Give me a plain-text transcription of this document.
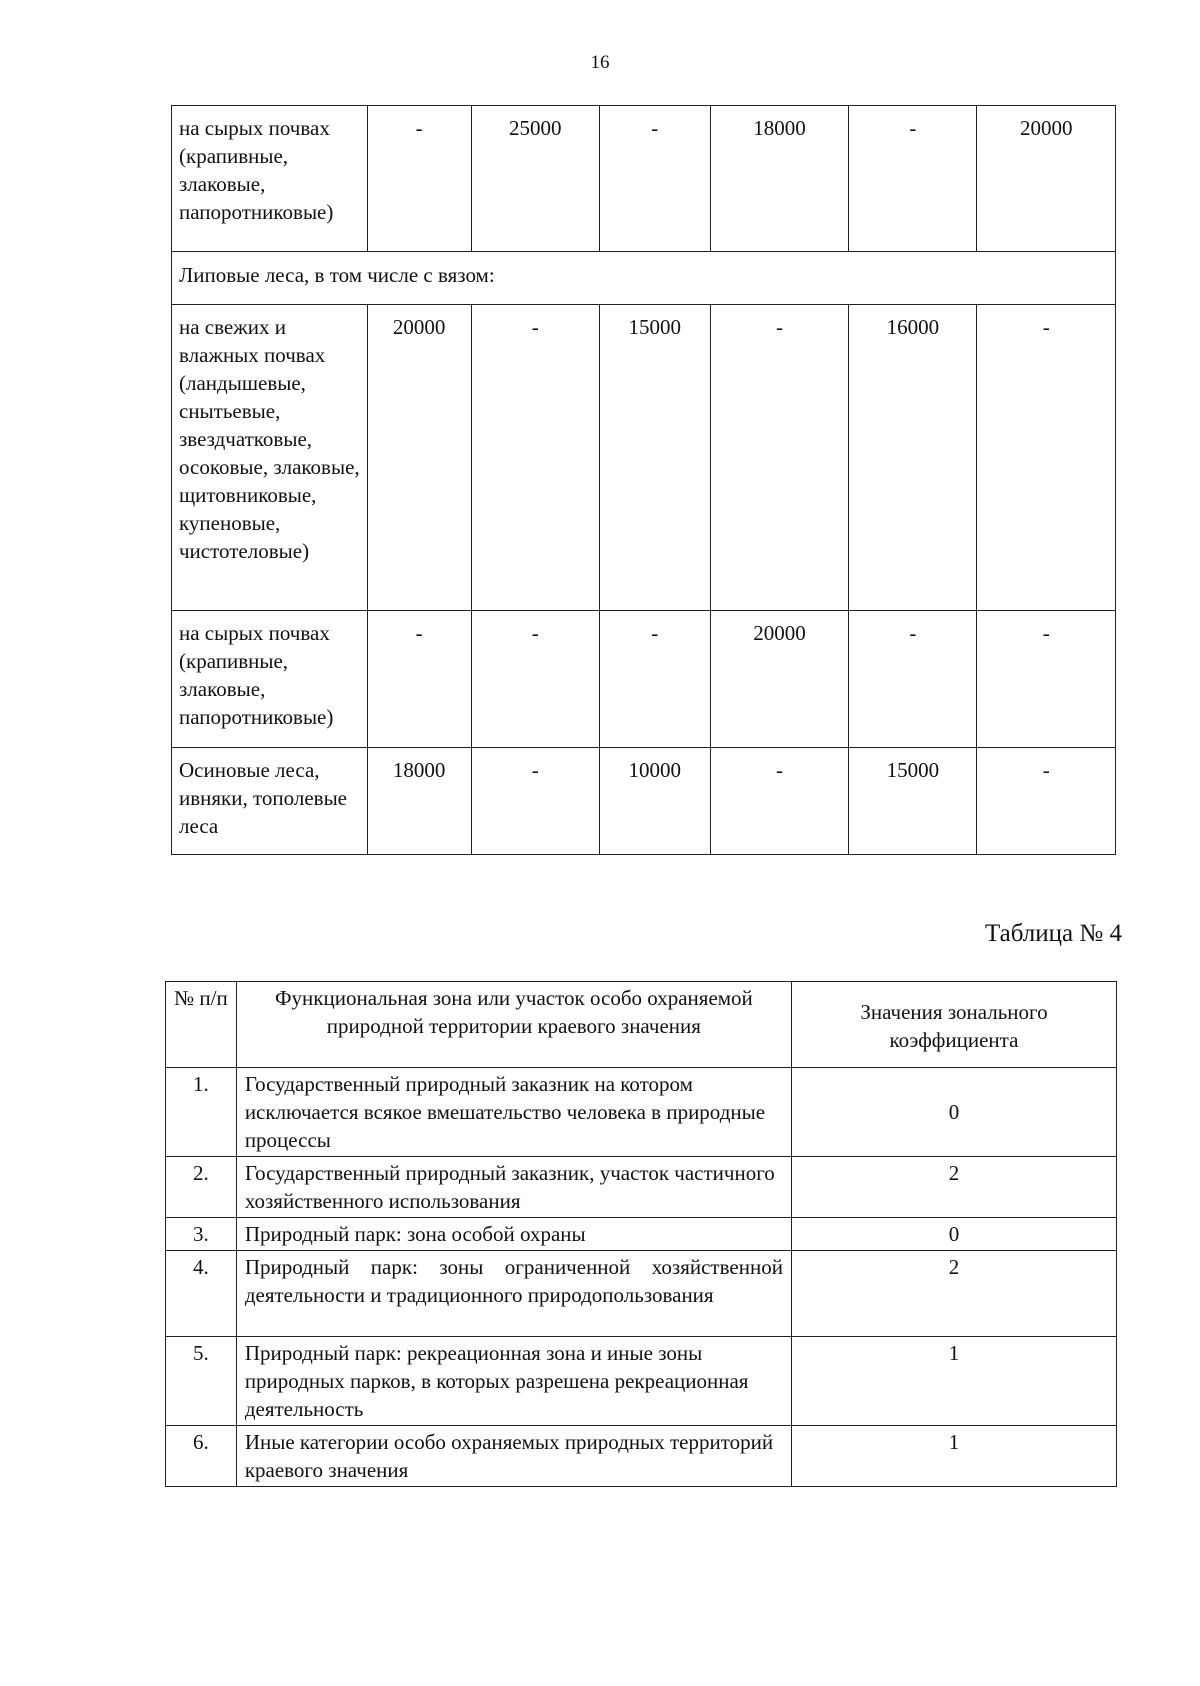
16
на сырых почвах (крапивные, злаковые, папоротниковые)	-	25000	-	18000	-	20000
Липовые леса, в том числе с вязом:						
на свежих и влажных почвах (ландышевые, снытьевые, звездчатковые, осоковые, злаковые, щитовниковые, купеновые, чистотеловые)	20000	-	15000	-	16000	-
на сырых почвах (крапивные, злаковые, папоротниковые)	-	-	-	20000	-	-
Осиновые леса, ивняки, тополевые леса	18000	-	10000	-	15000	-
Таблица № 4
№ п/п	Функциональная зона или участок особо охраняемой природной территории краевого значения	Значения зонального коэффициента
1.	Государственный природный заказник на котором исключается всякое вмешательство человека в природные процессы	0
2.	Государственный природный заказник, участок частичного хозяйственного использования	2
3.	Природный парк: зона особой охраны	0
4.	Природный парк: зоны ограниченной хозяйственной деятельности и традиционного природопользования	2
5.	Природный парк: рекреационная зона и иные зоны природных парков, в которых разрешена рекреационная деятельность	1
6.	Иные категории особо охраняемых природных территорий краевого значения	1
